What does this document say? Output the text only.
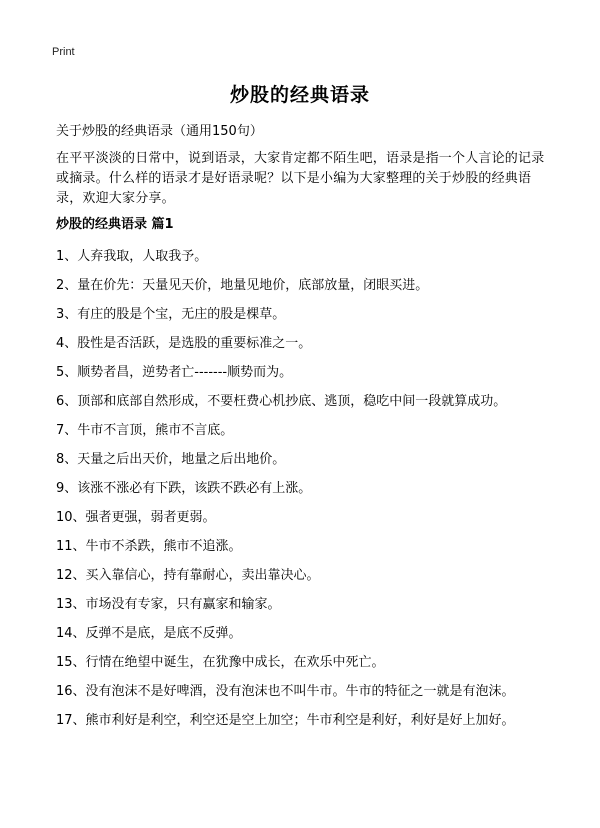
Print
炒股的经典语录
关于炒股的经典语录（通用150句）
在平平淡淡的日常中，说到语录，大家肯定都不陌生吧，语录是指一个人言论的记录或摘录。什么样的语录才是好语录呢？以下是小编为大家整理的关于炒股的经典语录，欢迎大家分享。
炒股的经典语录 篇1
1、人弃我取，人取我予。
2、量在价先：天量见天价，地量见地价，底部放量，闭眼买进。
3、有庄的股是个宝，无庄的股是棵草。
4、股性是否活跃，是选股的重要标准之一。
5、顺势者昌，逆势者亡-------顺势而为。
6、顶部和底部自然形成，不要枉费心机抄底、逃顶，稳吃中间一段就算成功。
7、牛市不言顶，熊市不言底。
8、天量之后出天价，地量之后出地价。
9、该涨不涨必有下跌，该跌不跌必有上涨。
10、强者更强，弱者更弱。
11、牛市不杀跌，熊市不追涨。
12、买入靠信心，持有靠耐心，卖出靠决心。
13、市场没有专家，只有赢家和输家。
14、反弹不是底，是底不反弹。
15、行情在绝望中诞生，在犹豫中成长，在欢乐中死亡。
16、没有泡沫不是好啤酒，没有泡沫也不叫牛市。牛市的特征之一就是有泡沫。
17、熊市利好是利空，利空还是空上加空；牛市利空是利好，利好是好上加好。
